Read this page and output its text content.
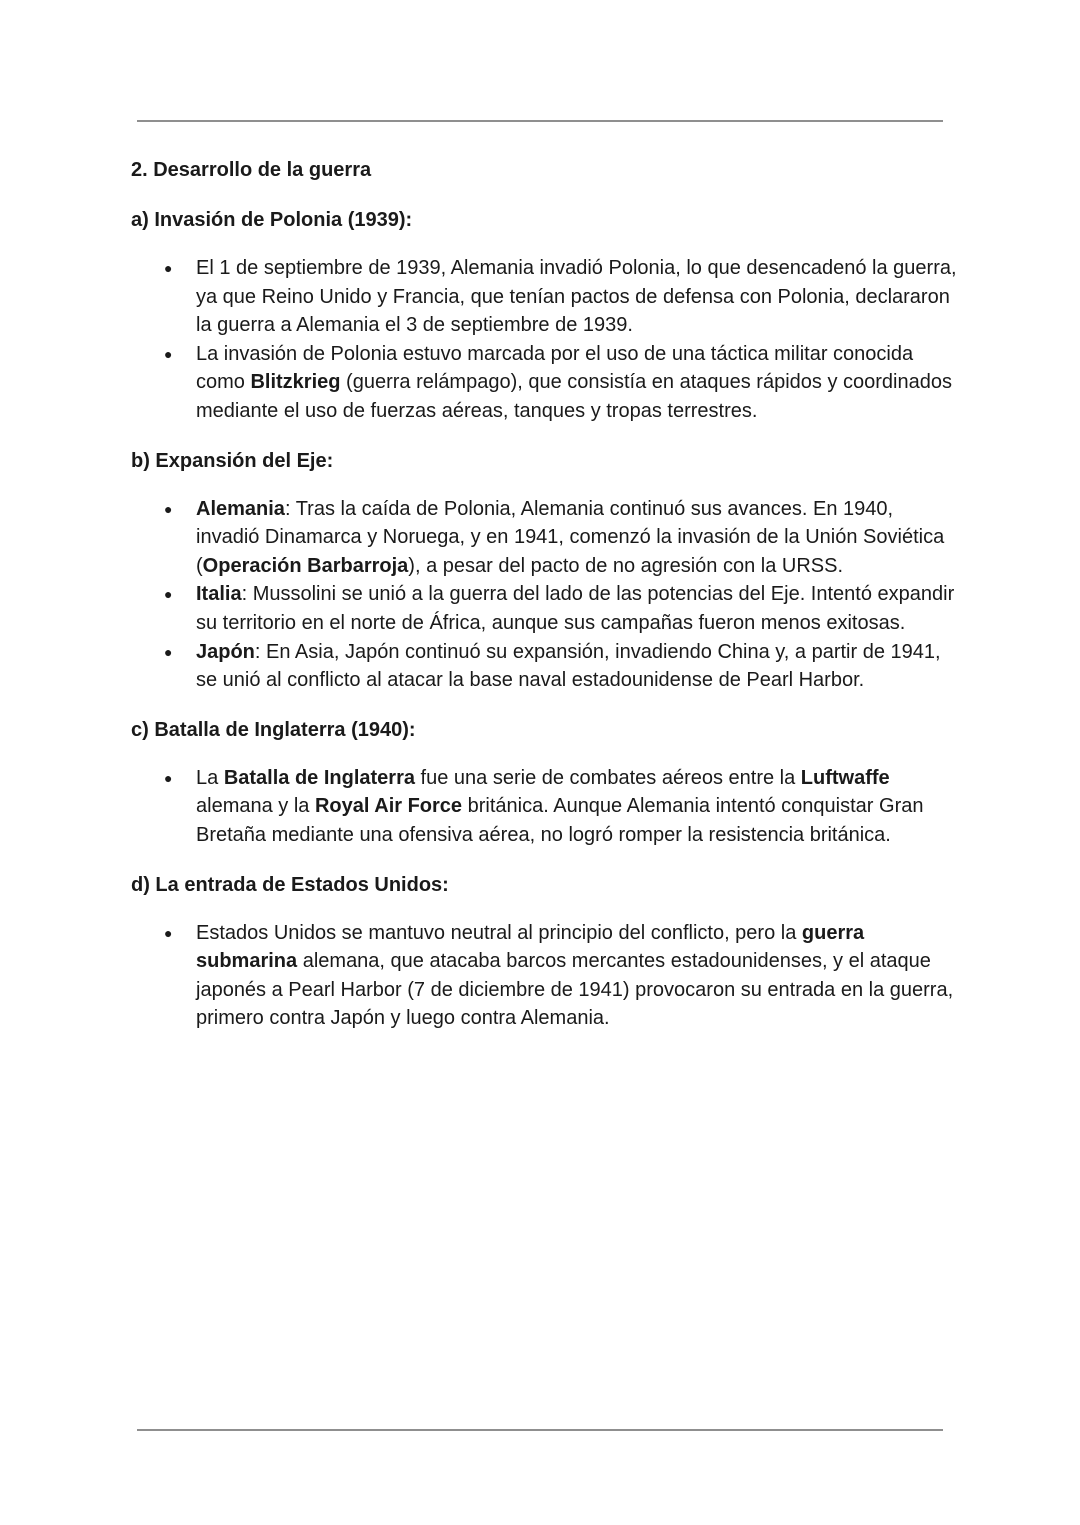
2. Desarrollo de la guerra

a) Invasión de Polonia (1939):

● El 1 de septiembre de 1939, Alemania invadió Polonia, lo que desencadenó la guerra, ya que Reino Unido y Francia, que tenían pactos de defensa con Polonia, declararon la guerra a Alemania el 3 de septiembre de 1939.
● La invasión de Polonia estuvo marcada por el uso de una táctica militar conocida como Blitzkrieg (guerra relámpago), que consistía en ataques rápidos y coordinados mediante el uso de fuerzas aéreas, tanques y tropas terrestres.

b) Expansión del Eje:

● Alemania: Tras la caída de Polonia, Alemania continuó sus avances. En 1940, invadió Dinamarca y Noruega, y en 1941, comenzó la invasión de la Unión Soviética (Operación Barbarroja), a pesar del pacto de no agresión con la URSS.
● Italia: Mussolini se unió a la guerra del lado de las potencias del Eje. Intentó expandir su territorio en el norte de África, aunque sus campañas fueron menos exitosas.
● Japón: En Asia, Japón continuó su expansión, invadiendo China y, a partir de 1941, se unió al conflicto al atacar la base naval estadounidense de Pearl Harbor.

c) Batalla de Inglaterra (1940):

● La Batalla de Inglaterra fue una serie de combates aéreos entre la Luftwaffe alemana y la Royal Air Force británica. Aunque Alemania intentó conquistar Gran Bretaña mediante una ofensiva aérea, no logró romper la resistencia británica.

d) La entrada de Estados Unidos:

● Estados Unidos se mantuvo neutral al principio del conflicto, pero la guerra submarina alemana, que atacaba barcos mercantes estadounidenses, y el ataque japonés a Pearl Harbor (7 de diciembre de 1941) provocaron su entrada en la guerra, primero contra Japón y luego contra Alemania.
